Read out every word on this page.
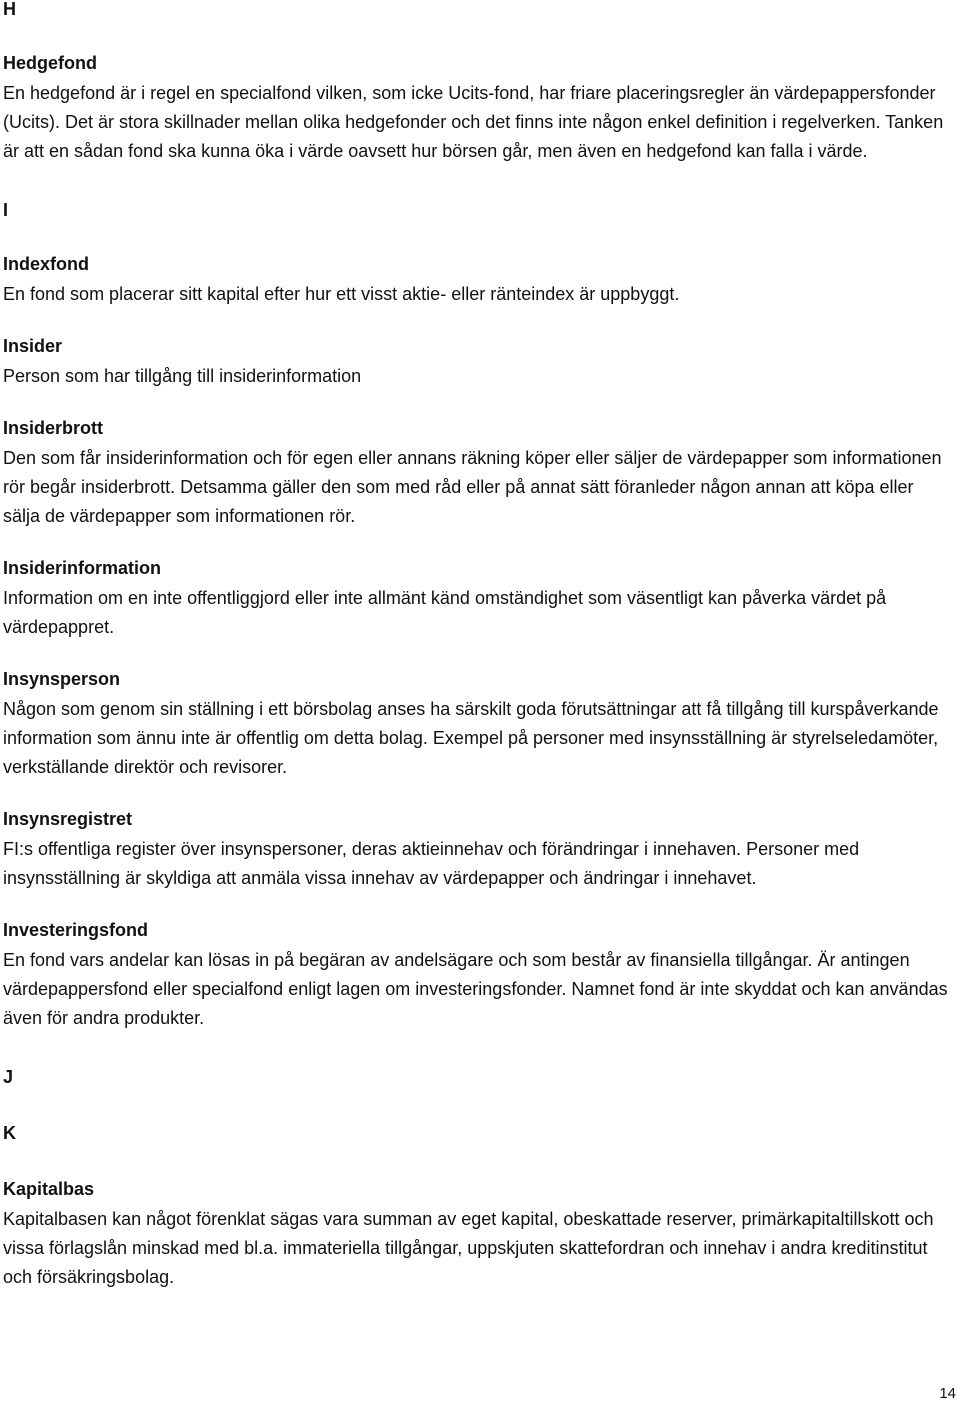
H
Hedgefond

En hedgefond är i regel en specialfond vilken, som icke Ucits-fond, har friare placeringsregler än värdepappersfonder (Ucits). Det är stora skillnader mellan olika hedgefonder och det finns inte någon enkel definition i regelverken. Tanken är att en sådan fond ska kunna öka i värde oavsett hur börsen går, men även en hedgefond kan falla i värde.

I
Indexfond

En fond som placerar sitt kapital efter hur ett visst aktie- eller ränteindex är uppbyggt.

Insider

Person som har tillgång till insiderinformation

Insiderbrott

Den som får insiderinformation och för egen eller annans räkning köper eller säljer de värdepapper som informationen rör begår insiderbrott. Detsamma gäller den som med råd eller på annat sätt föranleder någon annan att köpa eller sälja de värdepapper som informationen rör.

Insiderinformation

Information om en inte offentliggjord eller inte allmänt känd omständighet som väsentligt kan påverka värdet på värdepappret.

Insynsperson

Någon som genom sin ställning i ett börsbolag anses ha särskilt goda förutsättningar att få tillgång till kurspåverkande information som ännu inte är offentlig om detta bolag. Exempel på personer med insynsställning är styrelseledamöter, verkställande direktör och revisorer.

Insynsregistret

FI:s offentliga register över insynspersoner, deras aktieinnehav och förändringar i innehaven. Personer med insynsställning är skyldiga att anmäla vissa innehav av värdepapper och ändringar i innehavet.

Investeringsfond

En fond vars andelar kan lösas in på begäran av andelsägare och som består av finansiella tillgångar. Är antingen värdepappersfond eller specialfond enligt lagen om investeringsfonder. Namnet fond är inte skyddat och kan användas även för andra produkter.

J
K
Kapitalbas

Kapitalbasen kan något förenklat sägas vara summan av eget kapital, obeskattade reserver, primärkapitaltillskott och vissa förlagslån minskad med bl.a. immateriella tillgångar, uppskjuten skattefordran och innehav i andra kreditinstitut och försäkringsbolag.

14
